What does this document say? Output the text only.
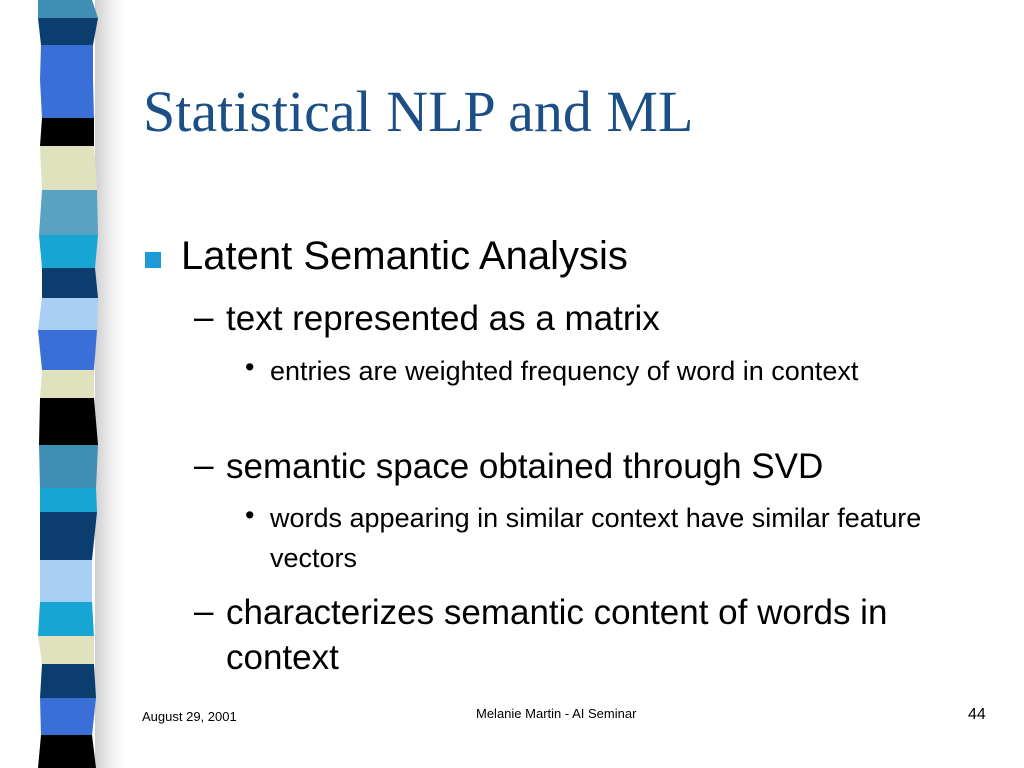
Statistical NLP and ML
Latent Semantic Analysis
– text represented as a matrix
• entries are weighted frequency of word in context
– semantic space obtained through SVD
• words appearing in similar context have similar feature vectors
– characterizes semantic content of words in context
August 29, 2001	Melanie Martin - AI Seminar	44
